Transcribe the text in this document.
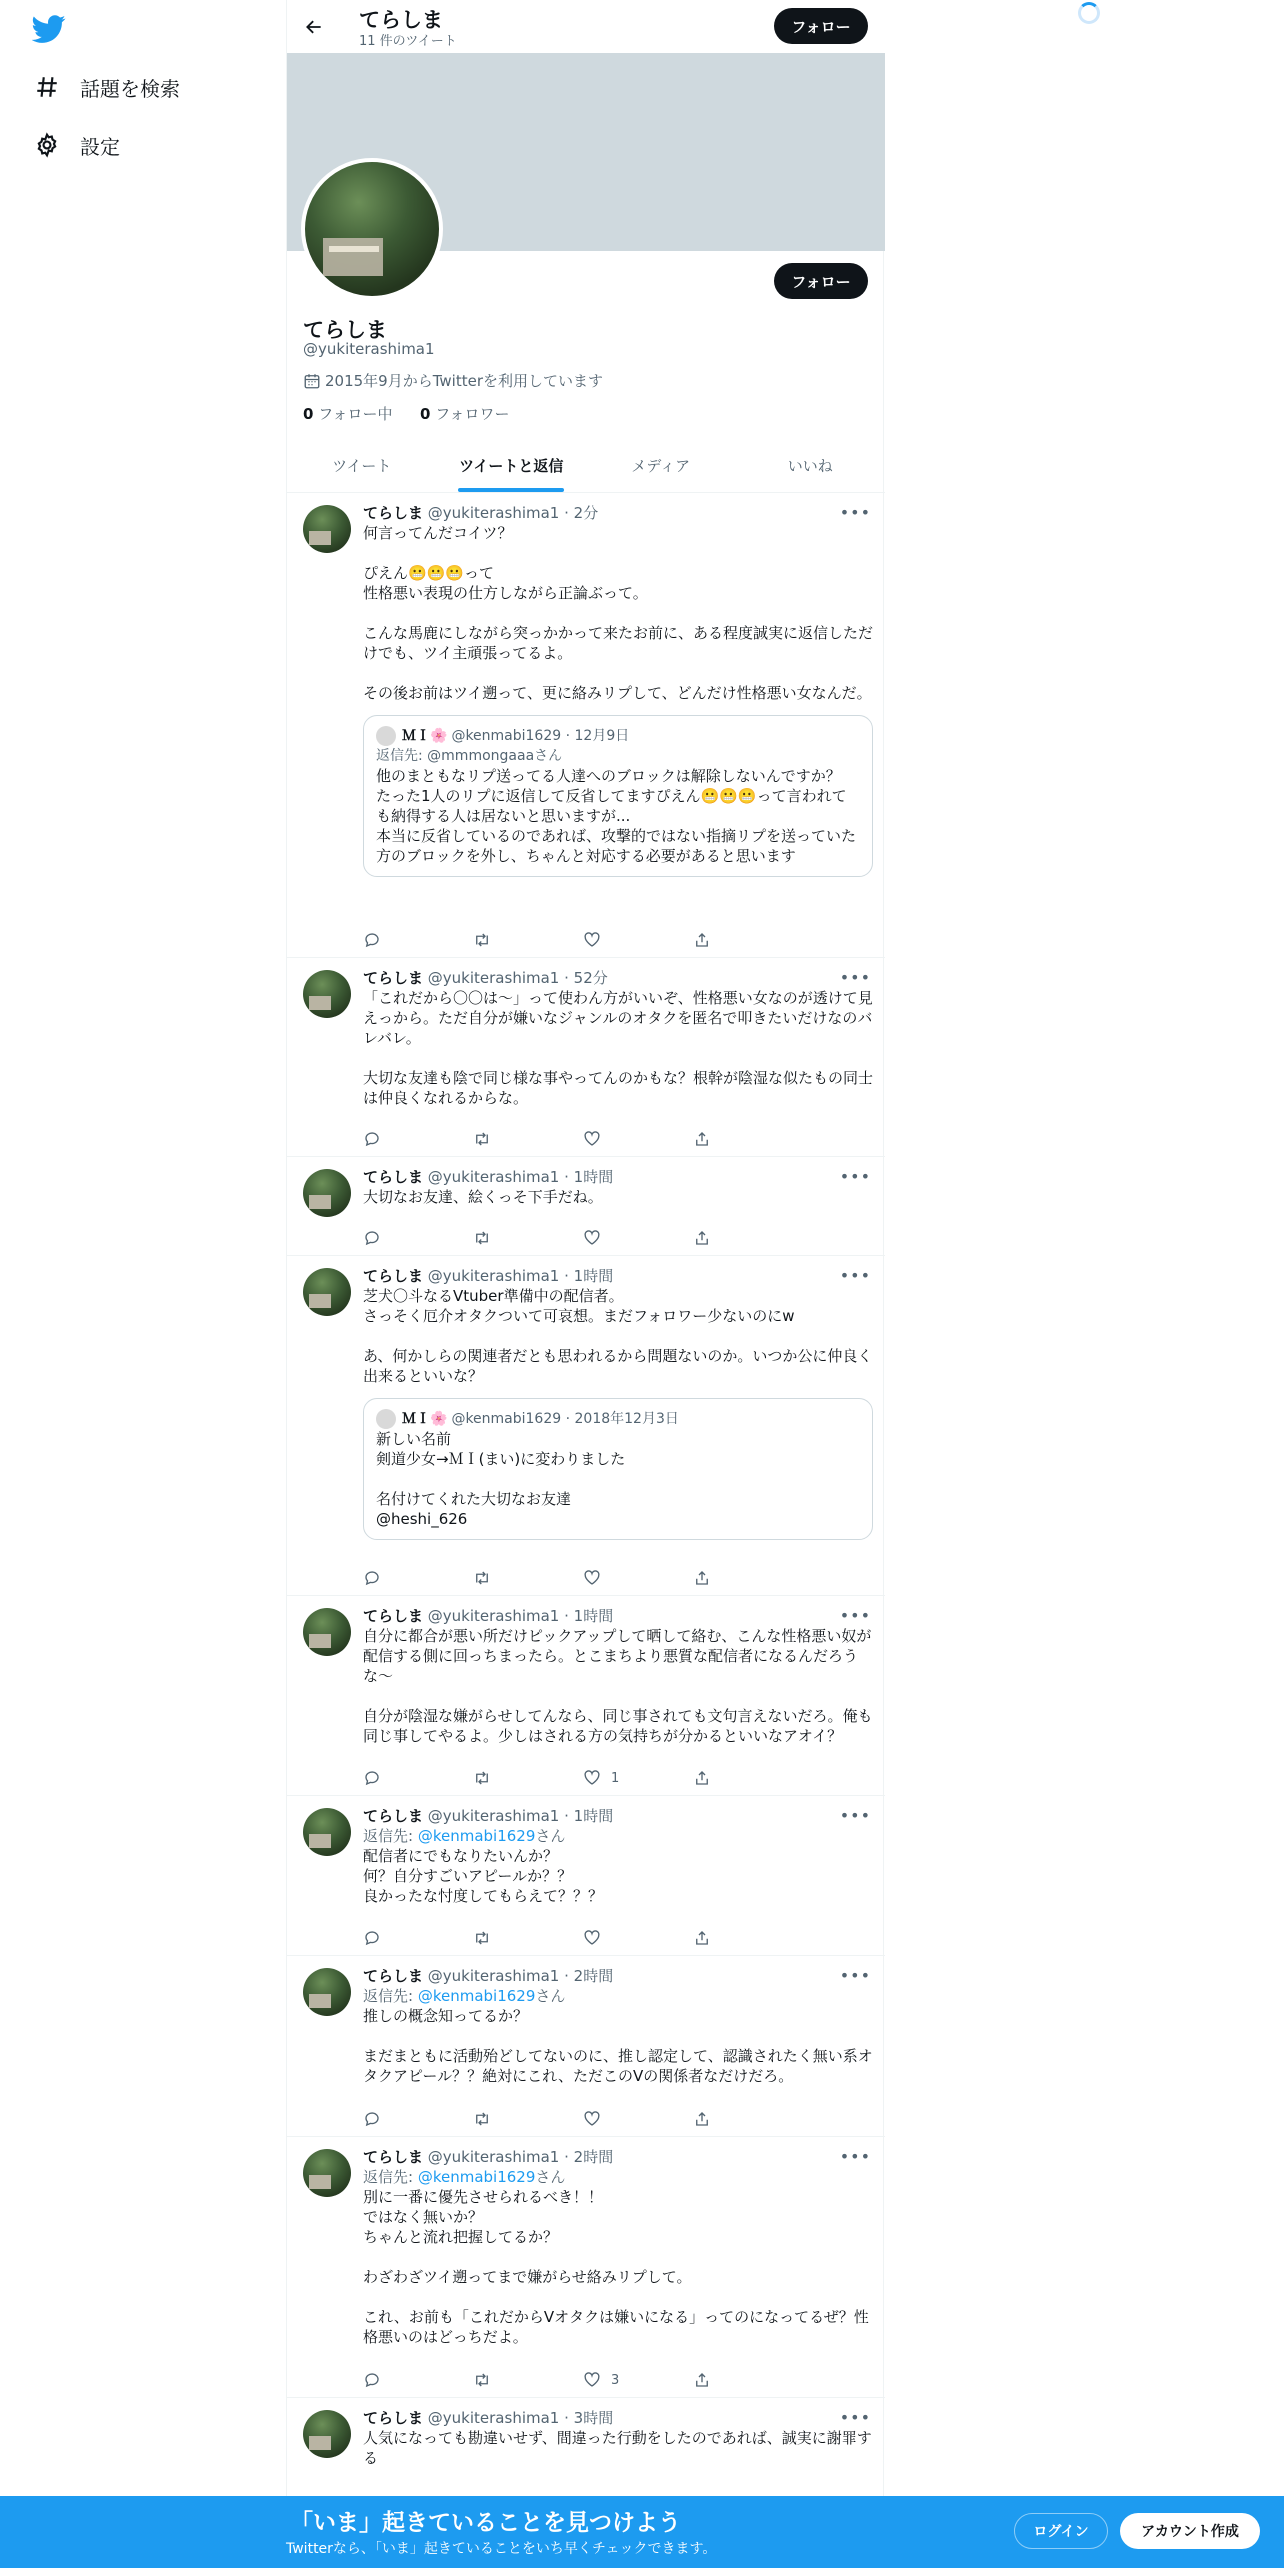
話題を検索
設定
てらしま
11 件のツイート
フォロー
フォロー
てらしま
@yukiterashima1
2015年9月からTwitterを利用しています
0 フォロー中 0 フォロワー
ツイート	ツイートと返信	メディア	いいね
•••
てらしま @yukiterashima1 · 2分
何言ってんだコイツ？

ぴえん😬😬😬って
性格悪い表現の仕方しながら正論ぶって。

こんな馬鹿にしながら突っかかって来たお前に、ある程度誠実に返信しただけでも、ツイ主頑張ってるよ。

その後お前はツイ遡って、更に絡みリプして、どんだけ性格悪い女なんだ。
ＭＩ🌸 @kenmabi1629
· 12月9日
返信先: @mmmongaaaさん
他のまともなリプ送ってる人達へのブロックは解除しないんですか？
たった1人のリプに返信して反省してますぴえん😬😬😬って言われても納得する人は居ないと思いますが...
本当に反省しているのであれば、攻撃的ではない指摘リプを送っていた方のブロックを外し、ちゃんと対応する必要があると思います
•••
てらしま @yukiterashima1 · 52分
「これだから〇〇は〜」って使わん方がいいぞ、性格悪い女なのが透けて見えっから。ただ自分が嫌いなジャンルのオタクを匿名で叩きたいだけなのバレバレ。

大切な友達も陰で同じ様な事やってんのかもな？根幹が陰湿な似たもの同士は仲良くなれるからな。
•••
てらしま @yukiterashima1 · 1時間
大切なお友達、絵くっそ下手だね。
•••
てらしま @yukiterashima1 · 1時間
芝犬〇斗なるVtuber準備中の配信者。
さっそく厄介オタクついて可哀想。まだフォロワー少ないのにw

あ、何かしらの関連者だとも思われるから問題ないのか。いつか公に仲良く出来るといいな？
ＭＩ🌸 @kenmabi1629
· 2018年12月3日
新しい名前
剣道少女→ＭＩ(まい)に変わりました

名付けてくれた大切なお友達
@heshi_626
•••
てらしま @yukiterashima1 · 1時間
自分に都合が悪い所だけピックアップして晒して絡む、こんな性格悪い奴が配信する側に回っちまったら。とこまちより悪質な配信者になるんだろうな〜

自分が陰湿な嫌がらせしてんなら、同じ事されても文句言えないだろ。俺も同じ事してやるよ。少しはされる方の気持ちが分かるといいなアオイ？
1
•••
てらしま @yukiterashima1 · 1時間
返信先: @kenmabi1629さん
配信者にでもなりたいんか？
何？自分すごいアピールか？？
良かったな忖度してもらえて？？？
•••
てらしま @yukiterashima1 · 2時間
返信先: @kenmabi1629さん
推しの概念知ってるか？

まだまともに活動殆どしてないのに、推し認定して、認識されたく無い系オタクアピール？？絶対にこれ、ただこのVの関係者なだけだろ。
•••
てらしま @yukiterashima1 · 2時間
返信先: @kenmabi1629さん
別に一番に優先させられるべき！！
ではなく無いか？
ちゃんと流れ把握してるか？

わざわざツイ遡ってまで嫌がらせ絡みリプして。

これ、お前も「これだからVオタクは嫌いになる」ってのになってるぜ？性格悪いのはどっちだよ。
3
•••
てらしま @yukiterashima1 · 3時間
人気になっても勘違いせず、間違った行動をしたのであれば、誠実に謝罪する
「いま」起きていることを見つけよう
Twitterなら、「いま」起きていることをいち早くチェックできます。
ログイン	アカウント作成
